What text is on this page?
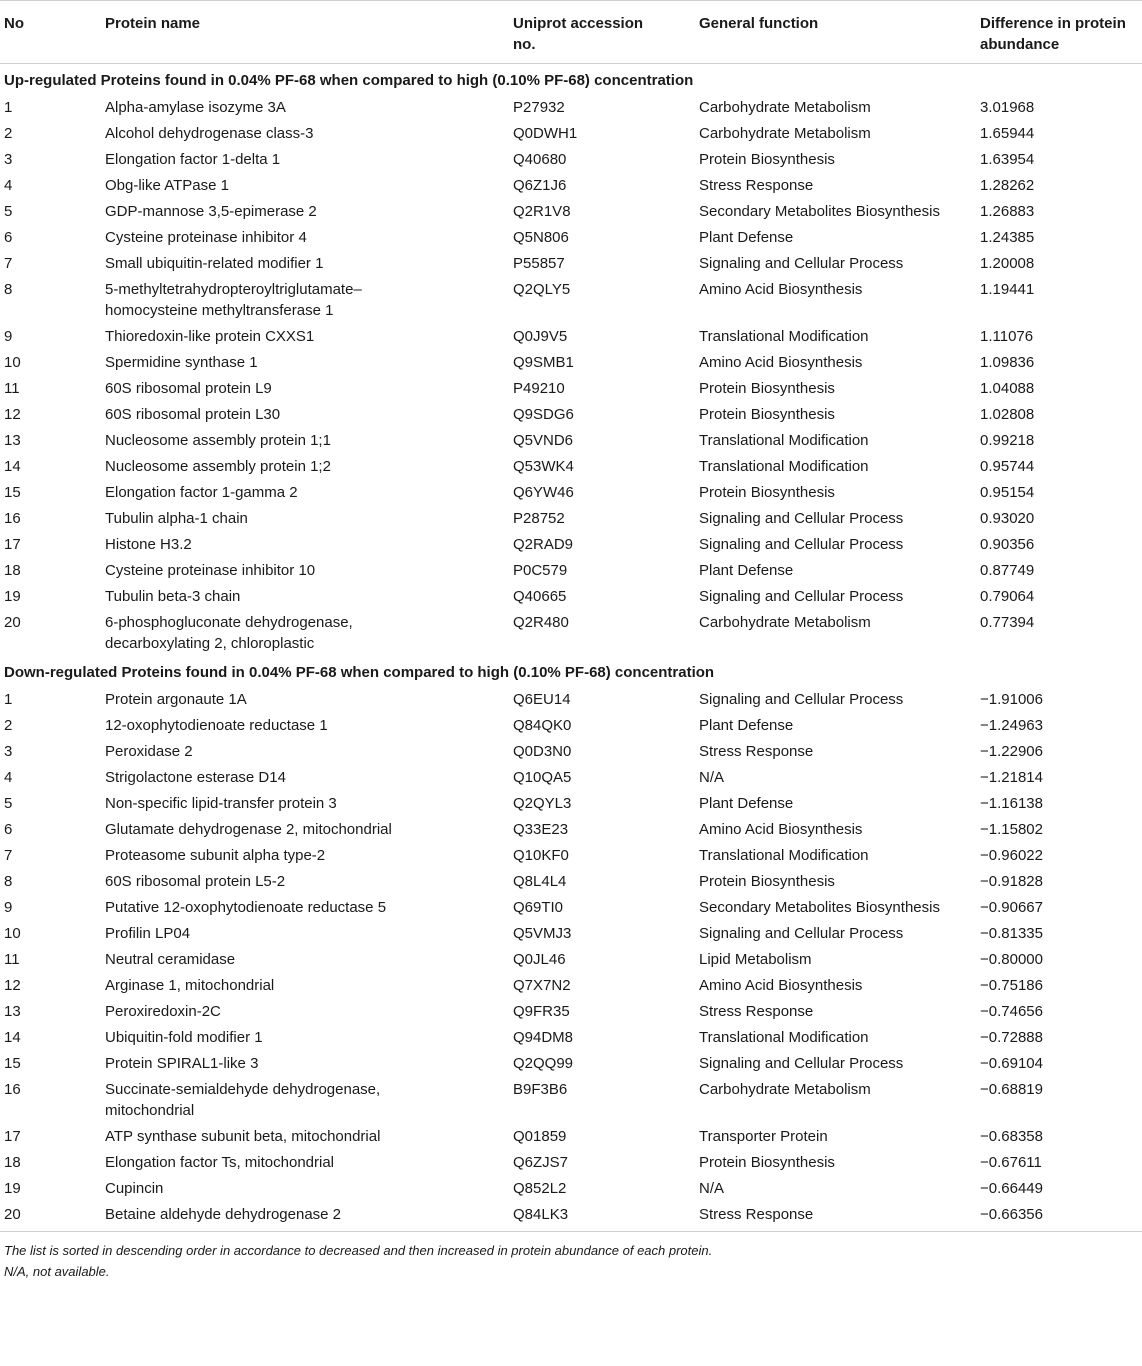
No	Protein name	Uniprot accession no.	General function	Difference in protein abundance
Up-regulated Proteins found in 0.04% PF-68 when compared to high (0.10% PF-68) concentration				
1	Alpha-amylase isozyme 3A	P27932	Carbohydrate Metabolism	3.01968
2	Alcohol dehydrogenase class-3	Q0DWH1	Carbohydrate Metabolism	1.65944
3	Elongation factor 1-delta 1	Q40680	Protein Biosynthesis	1.63954
4	Obg-like ATPase 1	Q6Z1J6	Stress Response	1.28262
5	GDP-mannose 3,5-epimerase 2	Q2R1V8	Secondary Metabolites Biosynthesis	1.26883
6	Cysteine proteinase inhibitor 4	Q5N806	Plant Defense	1.24385
7	Small ubiquitin-related modifier 1	P55857	Signaling and Cellular Process	1.20008
8	5-methyltetrahydropteroyltriglutamate–homocysteine methyltransferase 1	Q2QLY5	Amino Acid Biosynthesis	1.19441
9	Thioredoxin-like protein CXXS1	Q0J9V5	Translational Modification	1.11076
10	Spermidine synthase 1	Q9SMB1	Amino Acid Biosynthesis	1.09836
11	60S ribosomal protein L9	P49210	Protein Biosynthesis	1.04088
12	60S ribosomal protein L30	Q9SDG6	Protein Biosynthesis	1.02808
13	Nucleosome assembly protein 1;1	Q5VND6	Translational Modification	0.99218
14	Nucleosome assembly protein 1;2	Q53WK4	Translational Modification	0.95744
15	Elongation factor 1-gamma 2	Q6YW46	Protein Biosynthesis	0.95154
16	Tubulin alpha-1 chain	P28752	Signaling and Cellular Process	0.93020
17	Histone H3.2	Q2RAD9	Signaling and Cellular Process	0.90356
18	Cysteine proteinase inhibitor 10	P0C579	Plant Defense	0.87749
19	Tubulin beta-3 chain	Q40665	Signaling and Cellular Process	0.79064
20	6-phosphogluconate dehydrogenase, decarboxylating 2, chloroplastic	Q2R480	Carbohydrate Metabolism	0.77394
Down-regulated Proteins found in 0.04% PF-68 when compared to high (0.10% PF-68) concentration				
1	Protein argonaute 1A	Q6EU14	Signaling and Cellular Process	−1.91006
2	12-oxophytodienoate reductase 1	Q84QK0	Plant Defense	−1.24963
3	Peroxidase 2	Q0D3N0	Stress Response	−1.22906
4	Strigolactone esterase D14	Q10QA5	N/A	−1.21814
5	Non-specific lipid-transfer protein 3	Q2QYL3	Plant Defense	−1.16138
6	Glutamate dehydrogenase 2, mitochondrial	Q33E23	Amino Acid Biosynthesis	−1.15802
7	Proteasome subunit alpha type-2	Q10KF0	Translational Modification	−0.96022
8	60S ribosomal protein L5-2	Q8L4L4	Protein Biosynthesis	−0.91828
9	Putative 12-oxophytodienoate reductase 5	Q69TI0	Secondary Metabolites Biosynthesis	−0.90667
10	Profilin LP04	Q5VMJ3	Signaling and Cellular Process	−0.81335
11	Neutral ceramidase	Q0JL46	Lipid Metabolism	−0.80000
12	Arginase 1, mitochondrial	Q7X7N2	Amino Acid Biosynthesis	−0.75186
13	Peroxiredoxin-2C	Q9FR35	Stress Response	−0.74656
14	Ubiquitin-fold modifier 1	Q94DM8	Translational Modification	−0.72888
15	Protein SPIRAL1-like 3	Q2QQ99	Signaling and Cellular Process	−0.69104
16	Succinate-semialdehyde dehydrogenase, mitochondrial	B9F3B6	Carbohydrate Metabolism	−0.68819
17	ATP synthase subunit beta, mitochondrial	Q01859	Transporter Protein	−0.68358
18	Elongation factor Ts, mitochondrial	Q6ZJS7	Protein Biosynthesis	−0.67611
19	Cupincin	Q852L2	N/A	−0.66449
20	Betaine aldehyde dehydrogenase 2	Q84LK3	Stress Response	−0.66356
The list is sorted in descending order in accordance to decreased and then increased in protein abundance of each protein.
N/A, not available.
